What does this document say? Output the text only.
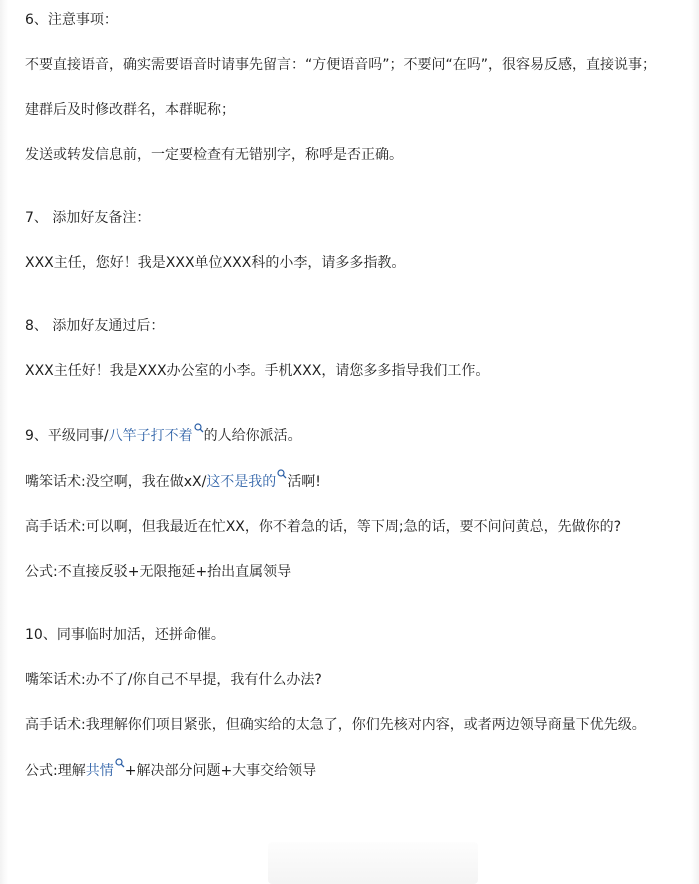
6、注意事项：

不要直接语音，确实需要语音时请事先留言：“方便语音吗”；不要问“在吗”，很容易反感，直接说事；

建群后及时修改群名，本群昵称；

发送或转发信息前，一定要检查有无错别字，称呼是否正确。

7、 添加好友备注：

XXX主任，您好！我是XXX单位XXX科的小李，请多多指教。

8、 添加好友通过后：

XXX主任好！我是XXX办公室的小李。手机XXX，请您多多指导我们工作。

9、平级同事/八竿子打不着 的人给你派活。

嘴笨话术:没空啊，我在做xX/这不是我的 活啊!

高手话术:可以啊，但我最近在忙XX，你不着急的话，等下周;急的话，要不问问黄总，先做你的?

公式:不直接反驳+无限拖延+抬出直属领导

10、同事临时加活，还拼命催。

嘴笨话术:办不了/你自己不早提，我有什么办法?

高手话术:我理解你们项目紧张，但确实给的太急了，你们先核对内容，或者两边领导商量下优先级。

公式:理解共情 +解决部分问题+大事交给领导
